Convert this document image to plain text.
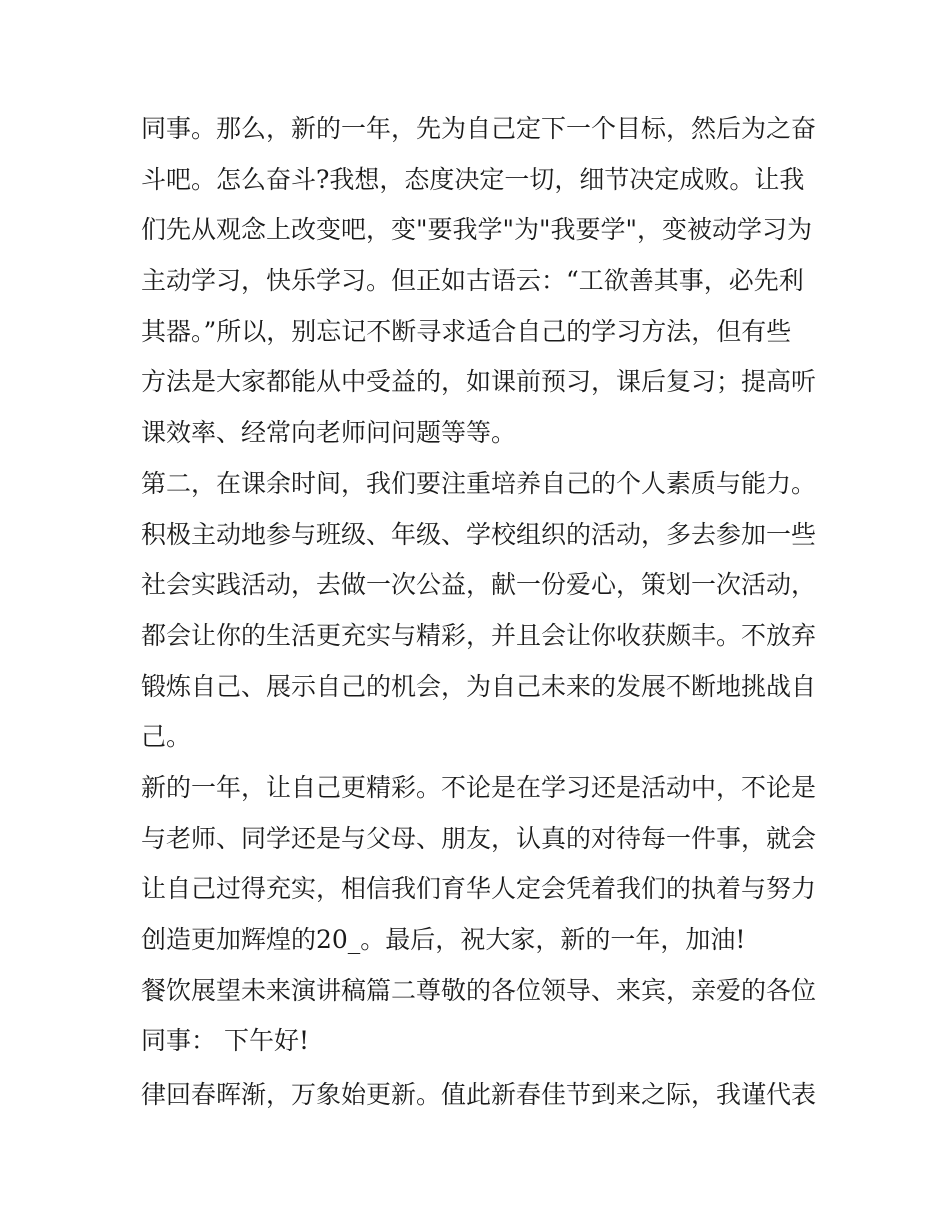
同事。那么，新的一年，先为自己定下一个目标，然后为之奋
斗吧。怎么奋斗?我想，态度决定一切，细节决定成败。让我
们先从观念上改变吧，变"要我学"为"我要学"，变被动学习为
主动学习，快乐学习。但正如古语云：“工欲善其事，必先利
其器。”所以，别忘记不断寻求适合自己的学习方法，但有些
方法是大家都能从中受益的，如课前预习，课后复习；提高听
课效率、经常向老师问问题等等。
第二，在课余时间，我们要注重培养自己的个人素质与能力。
积极主动地参与班级、年级、学校组织的活动，多去参加一些
社会实践活动，去做一次公益，献一份爱心，策划一次活动，
都会让你的生活更充实与精彩，并且会让你收获颇丰。不放弃
锻炼自己、展示自己的机会，为自己未来的发展不断地挑战自
己。
新的一年，让自己更精彩。不论是在学习还是活动中，不论是
与老师、同学还是与父母、朋友，认真的对待每一件事，就会
让自己过得充实，相信我们育华人定会凭着我们的执着与努力
创造更加辉煌的20_。最后，祝大家，新的一年，加油!
餐饮展望未来演讲稿篇二尊敬的各位领导、来宾，亲爱的各位
同事： 下午好!
律回春晖渐，万象始更新。值此新春佳节到来之际，我谨代表
